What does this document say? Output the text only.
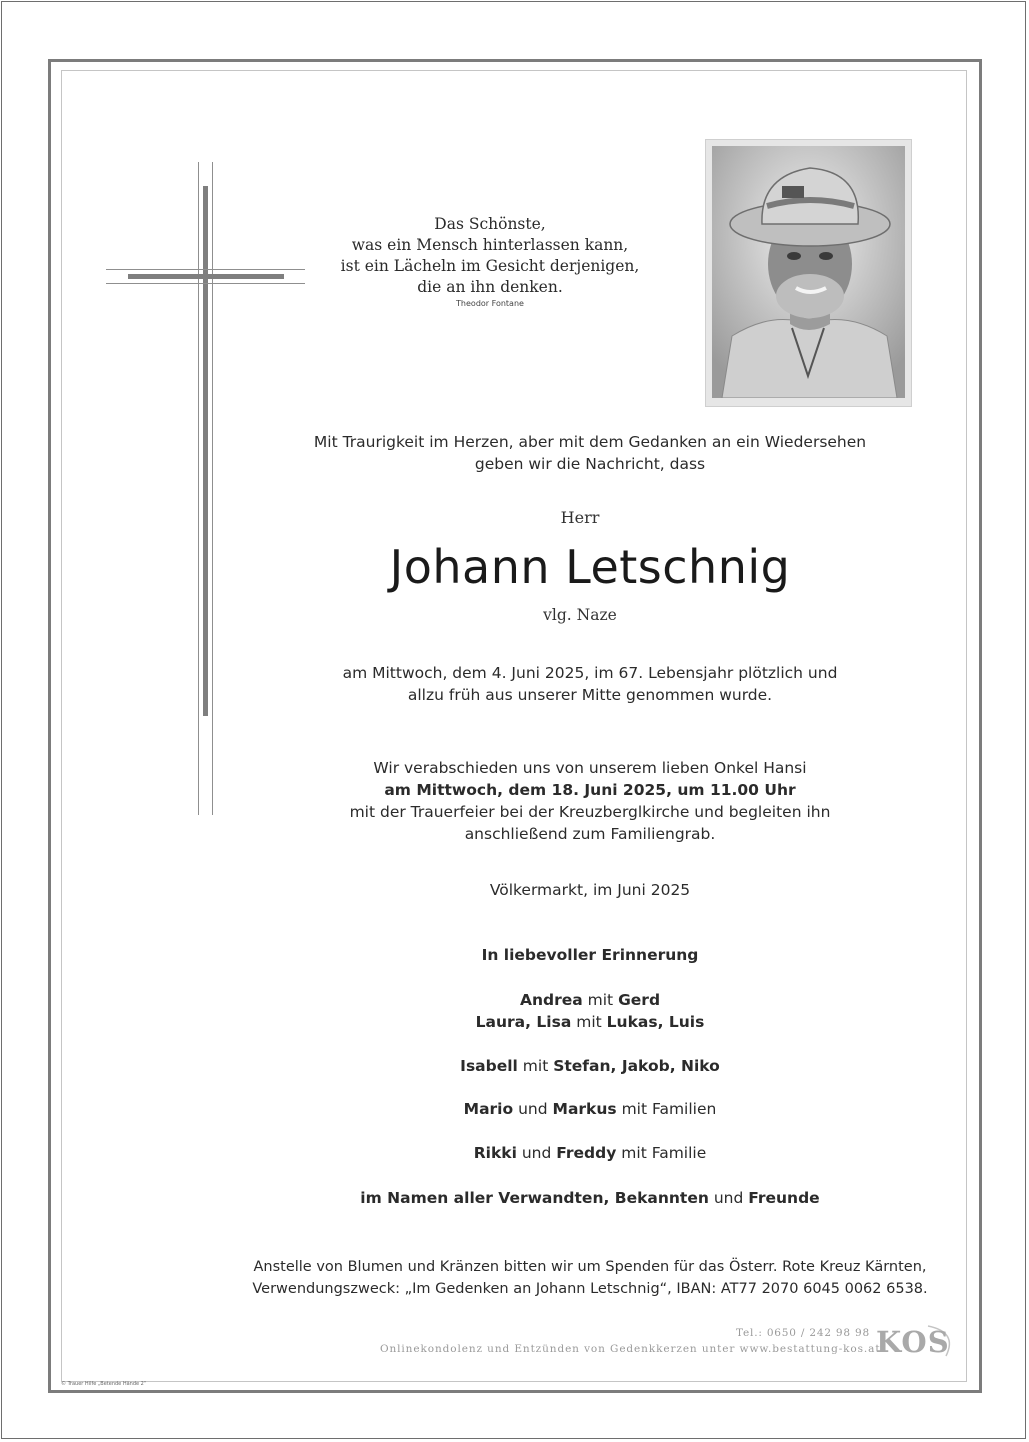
Das Schönste,
was ein Mensch hinterlassen kann,
ist ein Lächeln im Gesicht derjenigen,
die an ihn denken.
Theodor Fontane
Mit Traurigkeit im Herzen, aber mit dem Gedanken an ein Wiedersehen
geben wir die Nachricht, dass
Herr
Johann Letschnig
vlg. Naze
am Mittwoch, dem 4. Juni 2025, im 67. Lebensjahr plötzlich und
allzu früh aus unserer Mitte genommen wurde.
Wir verabschieden uns von unserem lieben Onkel Hansi
am Mittwoch, dem 18. Juni 2025, um 11.00 Uhr
mit der Trauerfeier bei der Kreuzberglkirche und begleiten ihn
anschließend zum Familiengrab.
Völkermarkt, im Juni 2025
In liebevoller Erinnerung
Andrea mit Gerd
Laura, Lisa mit Lukas, Luis
Isabell mit Stefan, Jakob, Niko
Mario und Markus mit Familien
Rikki und Freddy mit Familie
im Namen aller Verwandten, Bekannten und Freunde
Anstelle von Blumen und Kränzen bitten wir um Spenden für das Österr. Rote Kreuz Kärnten,
Verwendungszweck: „Im Gedenken an Johann Letschnig“, IBAN: AT77 2070 6045 0062 6538.
Tel.: 0650 / 242 98 98
Onlinekondolenz und Entzünden von Gedenkkerzen unter www.bestattung-kos.at
KOS
© Trauer Hilfe „Betende Hände 2“
